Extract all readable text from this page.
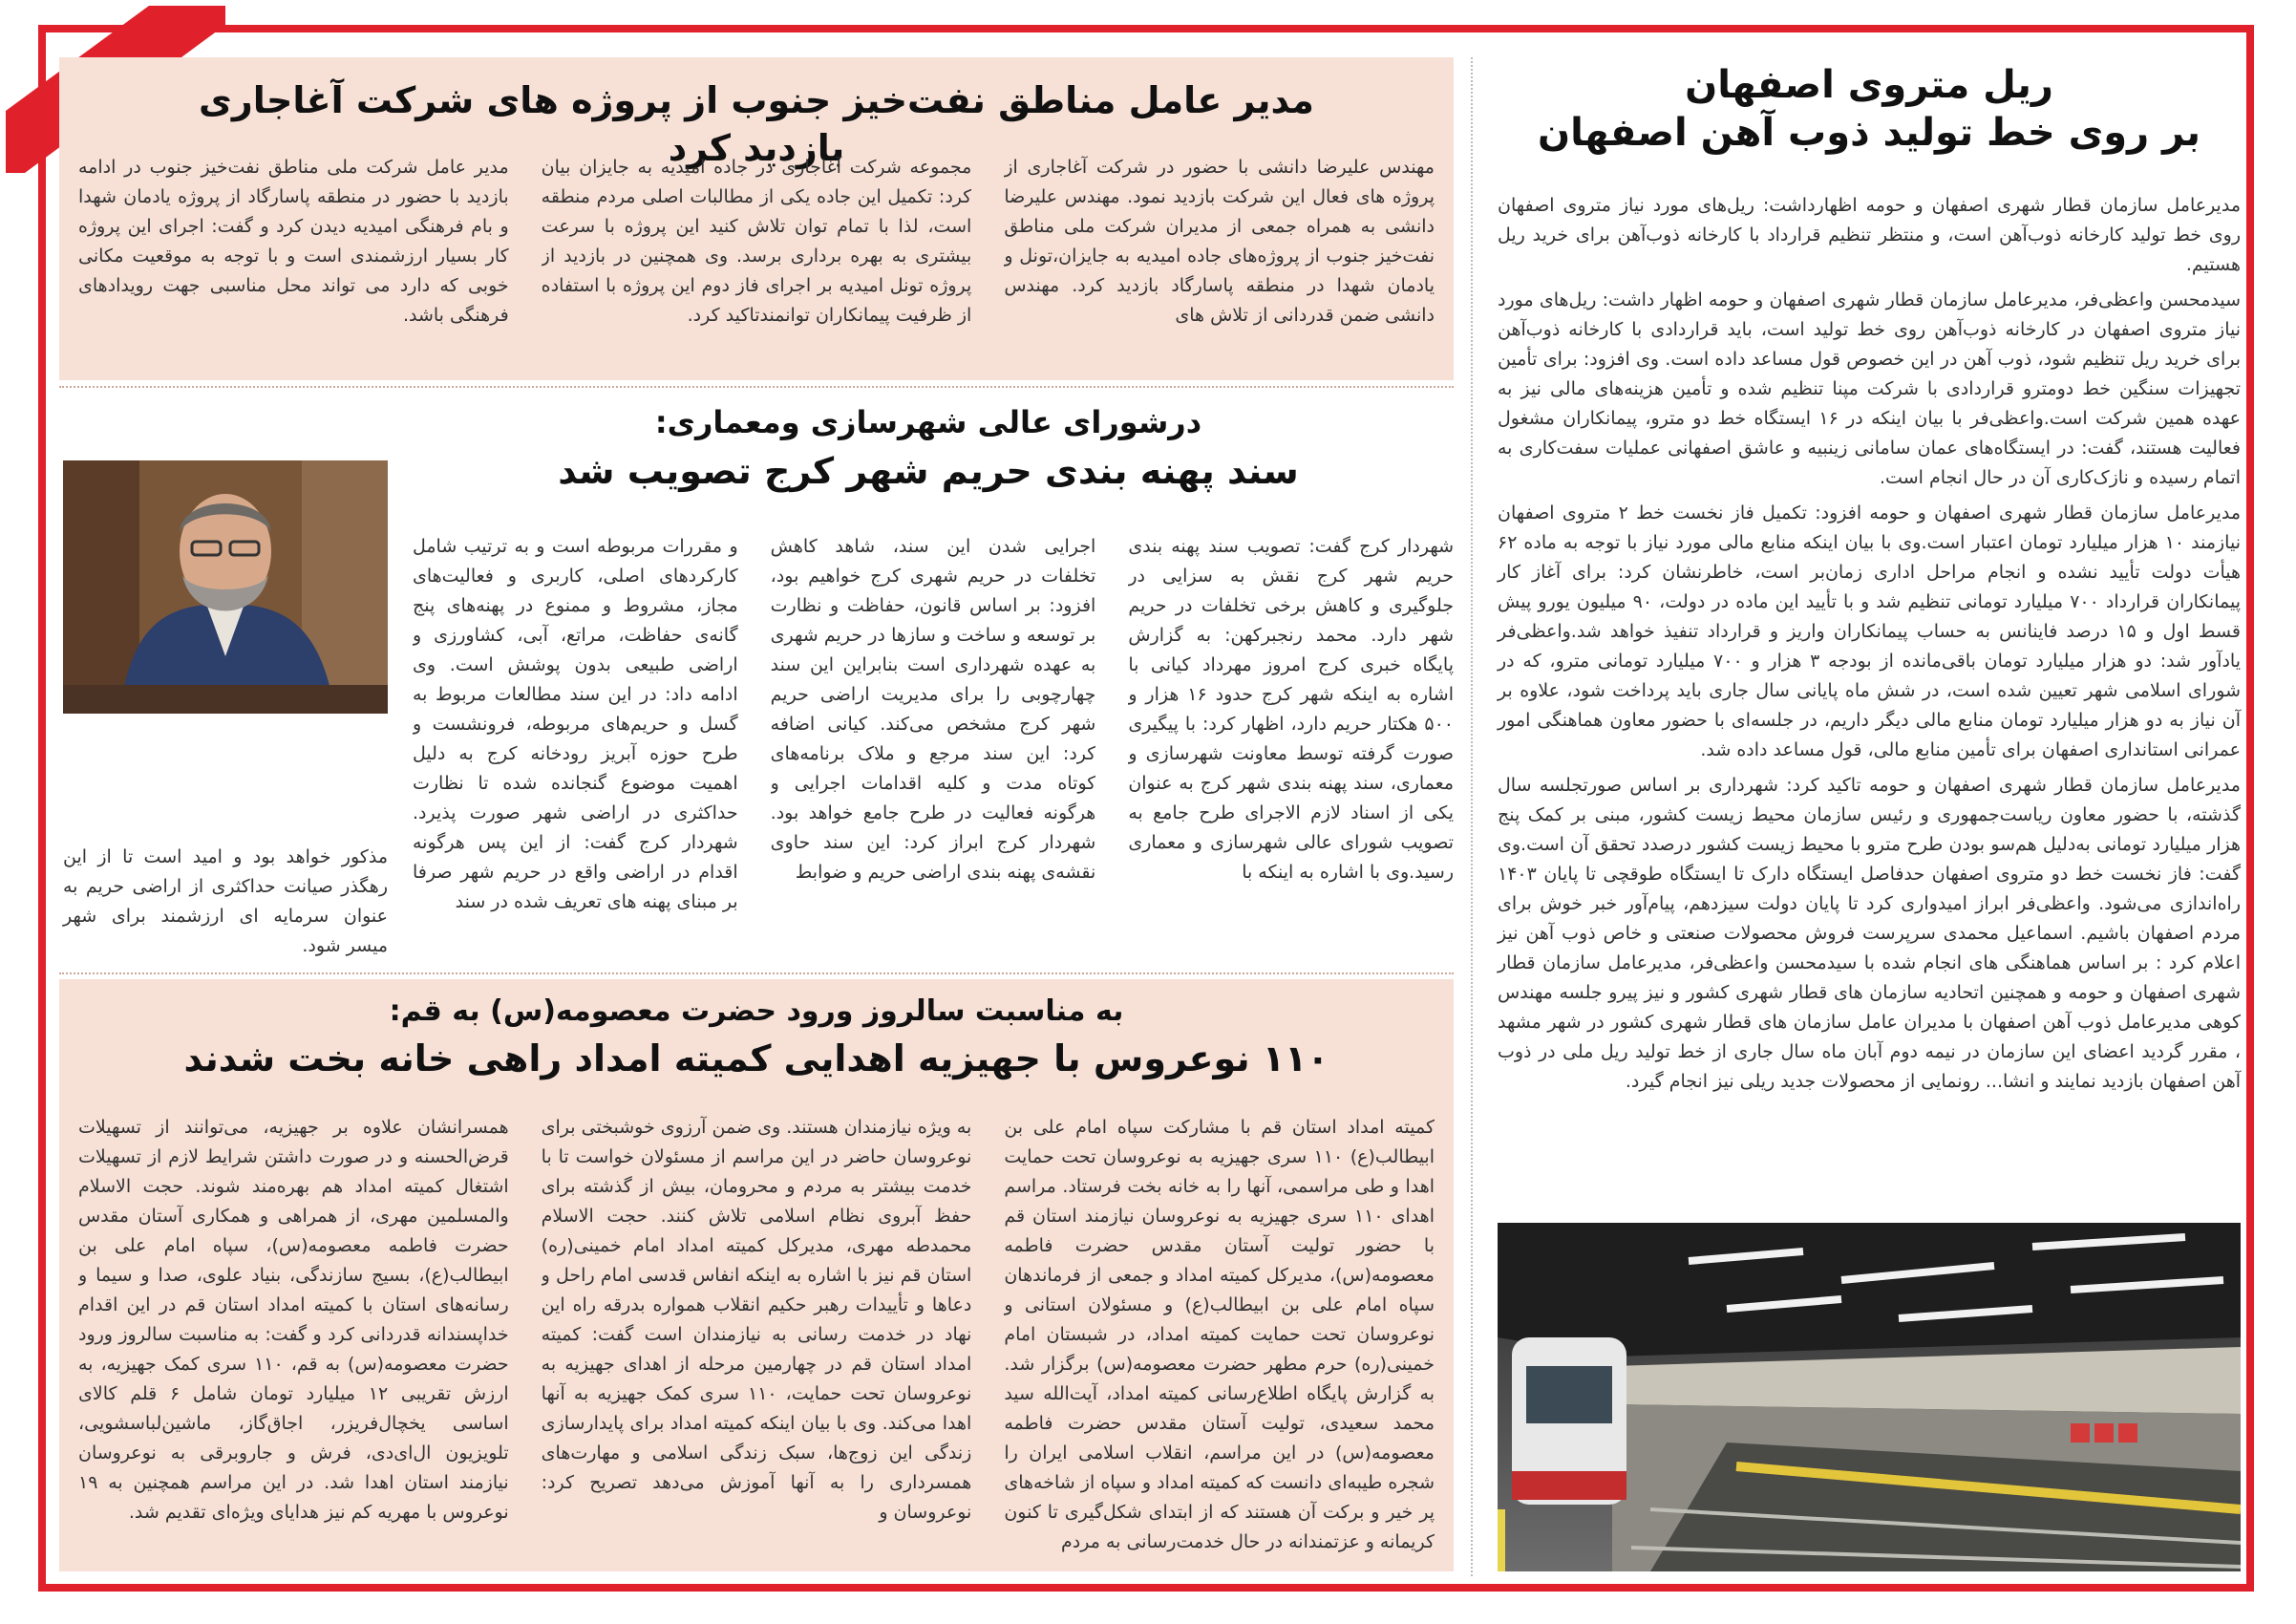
ریل متروی اصفهان
بر روی خط تولید ذوب آهن اصفهان

مدیرعامل سازمان قطار شهری اصفهان و حومه اظهارداشت: ریل‌های مورد نیاز متروی اصفهان روی خط تولید کارخانه ذوب‌آهن است، و منتظر تنظیم قرارداد با کارخانه ذوب‌آهن برای خرید ریل هستیم.

سیدمحسن واعظی‌فر، مدیرعامل سازمان قطار شهری اصفهان و حومه اظهار داشت: ریل‌های مورد نیاز متروی اصفهان در کارخانه ذوب‌آهن روی خط تولید است، باید قراردادی با کارخانه ذوب‌آهن برای خرید ریل تنظیم شود، ذوب آهن در این خصوص قول مساعد داده است. وی افزود: برای تأمین تجهیزات سنگین خط دومترو قراردادی با شرکت مپنا تنظیم شده و تأمین هزینه‌های مالی نیز به عهده همین شرکت است.واعظی‌فر با بیان اینکه در ۱۶ ایستگاه خط دو مترو، پیمانکاران مشغول فعالیت هستند، گفت: در ایستگاه‌های عمان سامانی زینبیه و عاشق اصفهانی عملیات سفت‌کاری به اتمام رسیده و نازک‌کاری آن در حال انجام است.

مدیرعامل سازمان قطار شهری اصفهان و حومه افزود: تکمیل فاز نخست خط ۲ متروی اصفهان نیازمند ۱۰ هزار میلیارد تومان اعتبار است.وی با بیان اینکه منابع مالی مورد نیاز با توجه به ماده ۶۲ هیأت دولت تأیید نشده و انجام مراحل اداری زمان‌بر است، خاطرنشان کرد: برای آغاز کار پیمانکاران قرارداد ۷۰۰ میلیارد تومانی تنظیم شد و با تأیید این ماده در دولت، ۹۰ میلیون یورو پیش قسط اول و ۱۵ درصد فاینانس به حساب پیمانکاران واریز و قرارداد تنفیذ خواهد شد.واعظی‌فر یادآور شد: دو هزار میلیارد تومان باقی‌مانده از بودجه ۳ هزار و ۷۰۰ میلیارد تومانی مترو، که در شورای اسلامی شهر تعیین شده است، در شش ماه پایانی سال جاری باید پرداخت شود، علاوه بر آن نیاز به دو هزار میلیارد تومان منابع مالی دیگر داریم، در جلسه‌ای با حضور معاون هماهنگی امور عمرانی استانداری اصفهان برای تأمین منابع مالی، قول مساعد داده شد.

مدیرعامل سازمان قطار شهری اصفهان و حومه تاکید کرد: شهرداری بر اساس صورتجلسه سال گذشته، با حضور معاون ریاست‌جمهوری و رئیس سازمان محیط زیست کشور، مبنی بر کمک پنج هزار میلیارد تومانی به‌دلیل هم‌سو بودن طرح مترو با محیط زیست کشور درصدد تحقق آن است.وی گفت: فاز نخست خط دو متروی اصفهان حدفاصل ایستگاه دارک تا ایستگاه طوقچی تا پایان ۱۴۰۳ راه‌اندازی می‌شود. واعظی‌فر ابراز امیدواری کرد تا پایان دولت سیزدهم، پیام‌آور خبر خوش برای مردم اصفهان باشیم. اسماعیل محمدی سرپرست فروش محصولات صنعتی و خاص ذوب آهن نیز اعلام کرد : بر اساس هماهنگی های انجام شده با سیدمحسن واعظی‌فر، مدیرعامل سازمان قطار شهری اصفهان و حومه و همچنین اتحادیه سازمان های قطار شهری کشور و نیز پیرو جلسه مهندس کوهی مدیرعامل ذوب آهن اصفهان با مدیران عامل سازمان های قطار شهری کشور در شهر مشهد ، مقرر گردید اعضای این سازمان در نیمه دوم آبان ماه سال جاری از خط تولید ریل ملی در ذوب آهن اصفهان بازدید نمایند و انشا... رونمایی از محصولات جدید ریلی نیز انجام گیرد.

مدیر عامل مناطق نفت‌خیز جنوب از پروژه های شرکت آغاجاری بازدید کرد	مهندس علیرضا دانشی با حضور در شرکت آغاجاری از پروژه های فعال این شرکت بازدید نمود. مهندس علیرضا دانشی به همراه جمعی از مدیران شرکت ملی مناطق نفت‌خیز جنوب از پروژه‌های جاده امیدیه به جایزان،تونل و یادمان شهدا در منطقه پاسارگاد بازدید کرد. مهندس دانشی ضمن قدردانی از تلاش های

مجموعه شرکت آغاجاری در جاده امیدیه به جایزان بیان کرد: تکمیل این جاده یکی از مطالبات اصلی مردم منطقه است، لذا با تمام توان تلاش کنید این پروژه با سرعت بیشتری به بهره برداری برسد. وی همچنین در بازدید از پروژه تونل امیدیه بر اجرای فاز دوم این پروژه با استفاده از ظرفیت پیمانکاران توانمندتاکید کرد.

مدیر عامل شرکت ملی مناطق نفت‌خیز جنوب در ادامه بازدید با حضور در منطقه پاسارگاد از پروژه یادمان شهدا و بام فرهنگی امیدیه دیدن کرد و گفت: اجرای این پروژه کار بسیار ارزشمندی است و با توجه به موقعیت مکانی خوبی که دارد می تواند محل مناسبی جهت رویدادهای فرهنگی باشد.

درشورای عالی شهرسازی ومعماری:
سند پهنه بندی حریم شهر کرج تصویب شد

شهردار کرج گفت: تصویب سند پهنه بندی حریم شهر کرج نقش به سزایی در جلوگیری و کاهش برخی تخلفات در حریم شهر دارد. محمد رنجبرکهن: به گزارش پایگاه خبری کرج امروز مهرداد کیانی با اشاره به اینکه شهر کرج حدود ۱۶ هزار و ۵۰۰ هکتار حریم دارد، اظهار کرد: با پیگیری صورت گرفته توسط معاونت شهرسازی و معماری، سند پهنه بندی شهر کرج به عنوان یکی از اسناد لازم الاجرای طرح جامع به تصویب شورای عالی شهرسازی و معماری رسید.وی با اشاره به اینکه با

اجرایی شدن این سند، شاهد کاهش تخلفات در حریم شهری کرج خواهیم بود، افزود: بر اساس قانون، حفاظت و نظارت بر توسعه و ساخت و سازها در حریم شهری به عهده شهرداری است بنابراین این سند چهارچوبی را برای مدیریت اراضی حریم شهر کرج مشخص می‌کند. کیانی اضافه کرد: این سند مرجع و ملاک برنامه‌های کوتاه مدت و کلیه اقدامات اجرایی و هرگونه فعالیت در طرح جامع خواهد بود. شهردار کرج ابراز کرد: این سند حاوی نقشه‌ی پهنه بندی اراضی حریم و ضوابط

و مقررات مربوطه است و به ترتیب شامل کارکردهای اصلی، کاربری و فعالیت‌های مجاز، مشروط و ممنوع در پهنه‌های پنج گانه‌ی حفاظت، مراتع، آبی، کشاورزی و اراضی طبیعی بدون پوشش است. وی ادامه داد: در این سند مطالعات مربوط به گسل و حریم‌های مربوطه، فرونشست و طرح حوزه آبریز رودخانه کرج به دلیل اهمیت موضوع گنجانده شده تا نظارت حداکثری در اراضی شهر صورت پذیرد. شهردار کرج گفت: از این پس هرگونه اقدام در اراضی واقع در حریم شهر صرفا بر مبنای پهنه های تعریف شده در سند

مذکور خواهد بود و امید است تا از این رهگذر صیانت حداکثری از اراضی حریم به عنوان سرمایه ای ارزشمند برای شهر میسر شود.

به مناسبت سالروز ورود حضرت معصومه(س) به قم:
۱۱۰ نوعروس با جهیزیه اهدایی کمیته امداد راهی خانه بخت شدند

کمیته امداد استان قم با مشارکت سپاه امام علی بن ابیطالب(ع) ۱۱۰ سری جهیزیه به نوعروسان تحت حمایت اهدا و طی مراسمی، آنها را به خانه بخت فرستاد. مراسم اهدای ۱۱۰ سری جهیزیه به نوعروسان نیازمند استان قم با حضور تولیت آستان مقدس حضرت فاطمه معصومه(س)، مدیرکل کمیته امداد و جمعی از فرماندهان سپاه امام علی بن ابیطالب(ع) و مسئولان استانی و نوعروسان تحت حمایت کمیته امداد، در شبستان امام خمینی(ره) حرم مطهر حضرت معصومه(س) برگزار شد. به گزارش پایگاه اطلاع‌رسانی کمیته امداد، آیت‌الله سید محمد سعیدی، تولیت آستان مقدس حضرت فاطمه معصومه(س) در این مراسم، انقلاب اسلامی ایران را شجره طیبه‌ای دانست که کمیته امداد و سپاه از شاخه‌های پر خیر و برکت آن هستند که از ابتدای شکل‌گیری تا کنون کریمانه و عزتمندانه در حال خدمت‌رسانی به مردم

به ویژه نیازمندان هستند. وی ضمن آرزوی خوشبختی برای نوعروسان حاضر در این مراسم از مسئولان خواست تا با خدمت بیشتر به مردم و محرومان، بیش از گذشته برای حفظ آبروی نظام اسلامی تلاش کنند. حجت الاسلام محمدطه مهری، مدیرکل کمیته امداد امام خمینی(ره) استان قم نیز با اشاره به اینکه انفاس قدسی امام راحل و دعاها و تأییدات رهبر حکیم انقلاب همواره بدرقه راه این نهاد در خدمت رسانی به نیازمندان است گفت: کمیته امداد استان قم در چهارمین مرحله از اهدای جهیزیه به نوعروسان تحت حمایت، ۱۱۰ سری کمک جهیزیه به آنها اهدا می‌کند. وی با بیان اینکه کمیته امداد برای پایدارسازی زندگی این زوج‌ها، سبک زندگی اسلامی و مهارت‌های همسرداری را به آنها آموزش می‌دهد تصریح کرد: نوعروسان و

همسرانشان علاوه بر جهیزیه، می‌توانند از تسهیلات قرض‌الحسنه و در صورت داشتن شرایط لازم از تسهیلات اشتغال کمیته امداد هم بهره‌مند شوند. حجت الاسلام والمسلمین مهری، از همراهی و همکاری آستان مقدس حضرت فاطمه معصومه(س)، سپاه امام علی بن ابیطالب(ع)، بسیج سازندگی، بنیاد علوی، صدا و سیما و رسانه‌های استان با کمیته امداد استان قم در این اقدام خداپسندانه قدردانی کرد و گفت: به مناسبت سالروز ورود حضرت معصومه(س) به قم، ۱۱۰ سری کمک جهیزیه، به ارزش تقریبی ۱۲ میلیارد تومان شامل ۶ قلم کالای اساسی یخچال‌فریزر، اجاق‌گاز، ماشین‌لباسشویی، تلویزیون ال‌ای‌دی، فرش و جاروبرقی به نوعروسان نیازمند استان اهدا شد. در این مراسم همچنین به ۱۹ نوعروس با مهریه کم نیز هدایای ویژه‌ای تقدیم شد.
